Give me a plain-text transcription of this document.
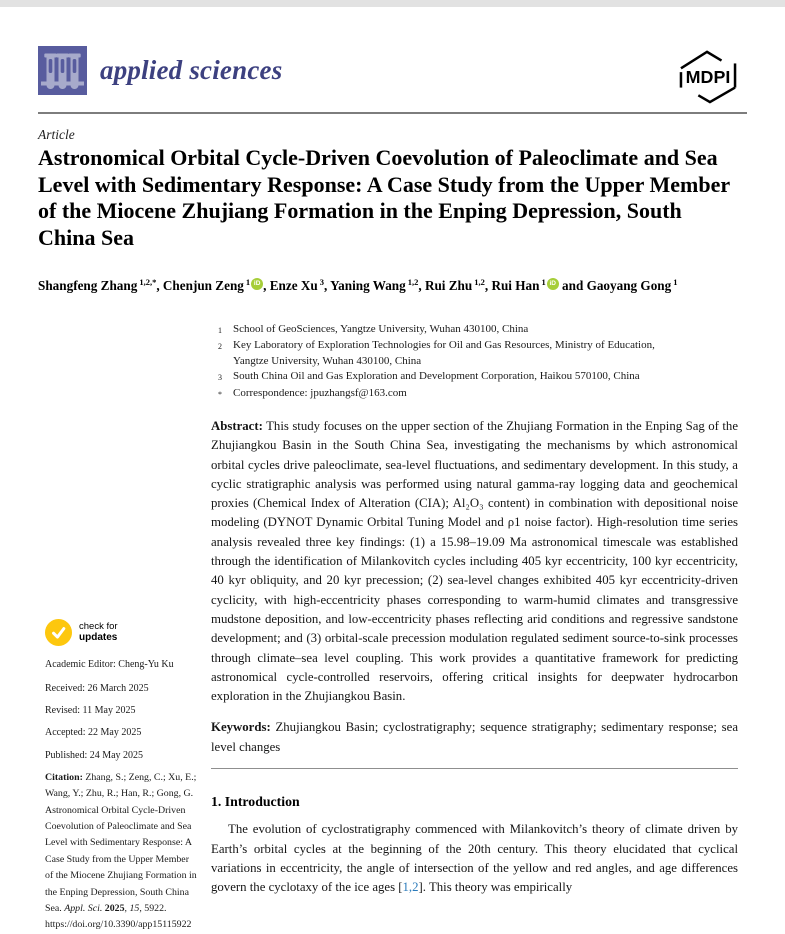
applied sciences	MDPI
Article
Astronomical Orbital Cycle-Driven Coevolution of Paleoclimate and Sea Level with Sedimentary Response: A Case Study from the Upper Member of the Miocene Zhujiang Formation in the Enping Depression, South China Sea
Shangfeng Zhang $^{1,2,*}$, Chenjun Zeng $^1$ iD , Enze Xu $^3$, Yaning Wang $^{1,2}$, Rui Zhu $^{1,2}$, Rui Han $^1$ iD and Gaoyang Gong $^1$
1	School of GeoSciences, Yangtze University, Wuhan 430100, China
2	Key Laboratory of Exploration Technologies for Oil and Gas Resources, Ministry of Education, Yangtze University, Wuhan 430100, China
3	South China Oil and Gas Exploration and Development Corporation, Haikou 570100, China
*	Correspondence: jpuzhangsf@163.com
check for
updates
Academic Editor: Cheng-Yu Ku
Received: 26 March 2025
Revised: 11 May 2025
Accepted: 22 May 2025
Published: 24 May 2025

Citation: Zhang, S.; Zeng, C.; Xu, E.; Wang, Y.; Zhu, R.; Han, R.; Gong, G. Astronomical Orbital Cycle-Driven Coevolution of Paleoclimate and Sea Level with Sedimentary Response: A Case Study from the Upper Member of the Miocene Zhujiang Formation in the Enping Depression, South China Sea. Appl. Sci. 2025, 15, 5922. https://doi.org/10.3390/app15115922

Abstract: This study focuses on the upper section of the Zhujiang Formation in the Enping Sag of the Zhujiangkou Basin in the South China Sea, investigating the mechanisms by which astronomical orbital cycles drive paleoclimate, sea-level fluctuations, and sedimentary development. In this study, a cyclic stratigraphic analysis was performed using natural gamma-ray logging data and geochemical proxies (Chemical Index of Alteration (CIA); Al₂O₃ content) in combination with depositional noise modeling (DYNOT Dynamic Orbital Tuning Model and ρ1 noise factor). High-resolution time series analysis revealed three key findings: (1) a 15.98–19.09 Ma astronomical timescale was established through the identification of Milankovitch cycles including 405 kyr eccentricity, 100 kyr eccentricity, 40 kyr obliquity, and 20 kyr precession; (2) sea-level changes exhibited 405 kyr eccentricity-driven cyclicity, with high-eccentricity phases corresponding to warm-humid climates and transgressive mudstone deposition, and low-eccentricity phases reflecting arid conditions and regressive sandstone development; and (3) orbital-scale precession modulation regulated sediment source-to-sink processes through climate–sea level coupling. This work provides a quantitative framework for predicting astronomical cycle-controlled reservoirs, offering critical insights for deepwater hydrocarbon exploration in the Zhujiangkou Basin.

Keywords: Zhujiangkou Basin; cyclostratigraphy; sequence stratigraphy; sedimentary response; sea level changes

1. Introduction

The evolution of cyclostratigraphy commenced with Milankovitch’s theory of climate driven by Earth’s orbital cycles at the beginning of the 20th century. This theory elucidated that cyclical variations in eccentricity, the angle of intersection of the yellow and red angles, and age differences govern the cyclotaxy of the ice ages [1,2]. This theory was empirically
